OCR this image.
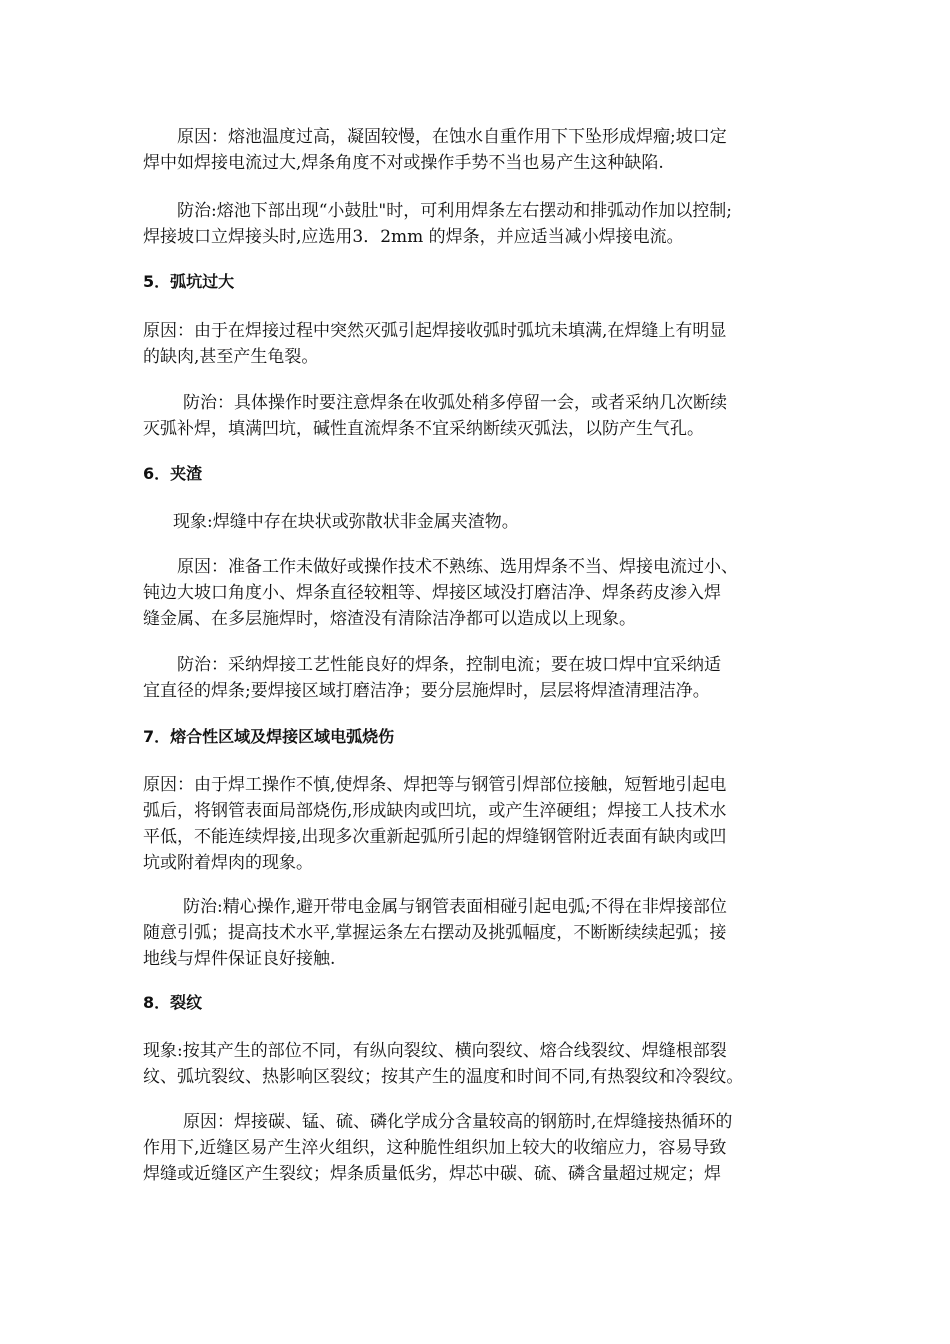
原因：熔池温度过高，凝固较慢，在蚀水自重作用下下坠形成焊瘤;坡口定
焊中如焊接电流过大,焊条角度不对或操作手势不当也易产生这种缺陷.
防治:熔池下部出现“小鼓肚"时，可利用焊条左右摆动和排弧动作加以控制;
焊接坡口立焊接头时,应选用3．2mm 的焊条，并应适当减小焊接电流。
5．弧坑过大
原因：由于在焊接过程中突然灭弧引起焊接收弧时弧坑未填满,在焊缝上有明显
的缺肉,甚至产生龟裂。
防治：具体操作时要注意焊条在收弧处稍多停留一会，或者采纳几次断续
灭弧补焊，填满凹坑，碱性直流焊条不宜采纳断续灭弧法，以防产生气孔。
6．夹渣
现象:焊缝中存在块状或弥散状非金属夹渣物。
原因：准备工作未做好或操作技术不熟练、选用焊条不当、焊接电流过小、
钝边大坡口角度小、焊条直径较粗等、焊接区域没打磨洁净、焊条药皮渗入焊
缝金属、在多层施焊时，熔渣没有清除洁净都可以造成以上现象。
防治：采纳焊接工艺性能良好的焊条，控制电流；要在坡口焊中宜采纳适
宜直径的焊条;要焊接区域打磨洁净；要分层施焊时，层层将焊渣清理洁净。
7．熔合性区域及焊接区域电弧烧伤
原因：由于焊工操作不慎,使焊条、焊把等与钢管引焊部位接触，短暂地引起电
弧后，将钢管表面局部烧伤,形成缺肉或凹坑，或产生淬硬组；焊接工人技术水
平低，不能连续焊接,出现多次重新起弧所引起的焊缝钢管附近表面有缺肉或凹
坑或附着焊肉的现象。
防治:精心操作,避开带电金属与钢管表面相碰引起电弧;不得在非焊接部位
随意引弧；提高技术水平,掌握运条左右摆动及挑弧幅度，不断断续续起弧；接
地线与焊件保证良好接触.
8．裂纹
现象:按其产生的部位不同，有纵向裂纹、横向裂纹、熔合线裂纹、焊缝根部裂
纹、弧坑裂纹、热影响区裂纹；按其产生的温度和时间不同,有热裂纹和冷裂纹。
原因：焊接碳、锰、硫、磷化学成分含量较高的钢筋时,在焊缝接热循环的
作用下,近缝区易产生淬火组织，这种脆性组织加上较大的收缩应力，容易导致
焊缝或近缝区产生裂纹；焊条质量低劣，焊芯中碳、硫、磷含量超过规定；焊
